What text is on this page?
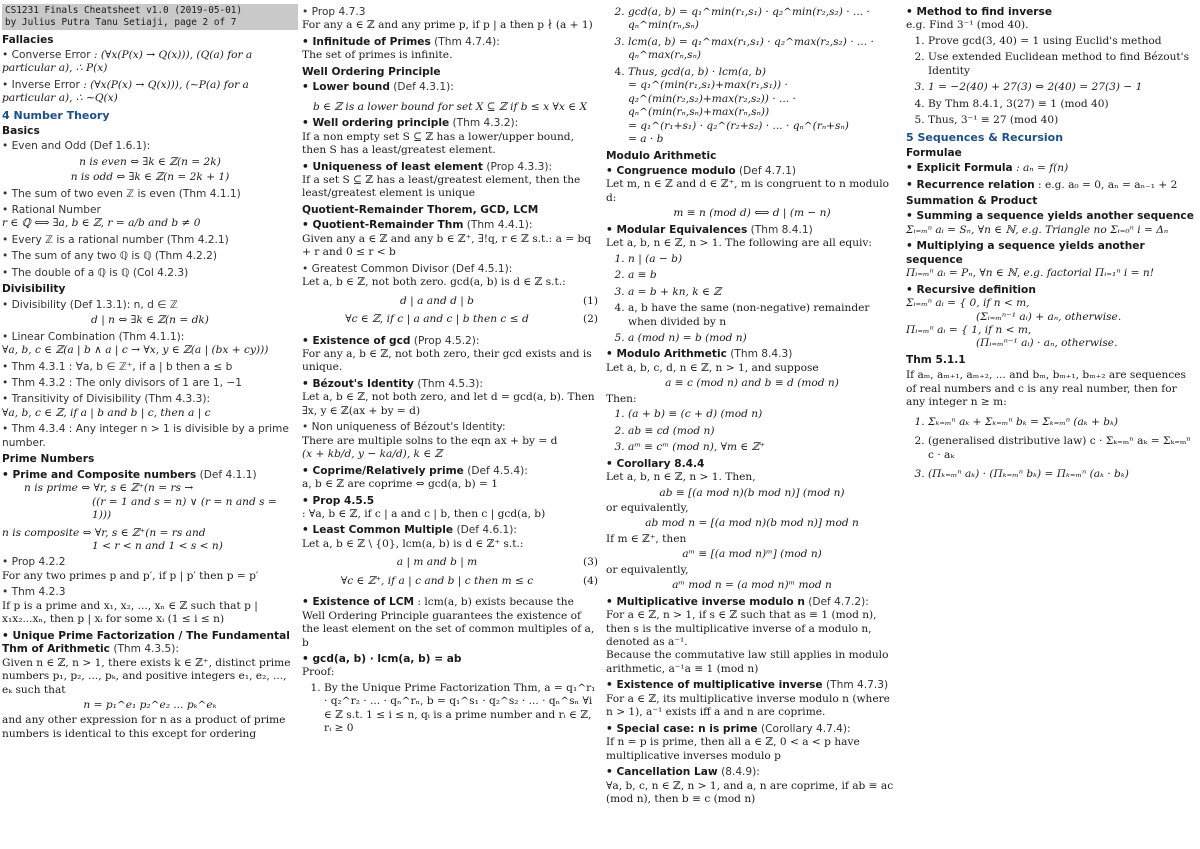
CS1231 Finals Cheatsheet v1.0 (2019-05-01)
by Julius Putra Tanu Setiaji, page 2 of 7
Fallacies
• Converse Error : (∀x(P(x) → Q(x))), (Q(a) for a particular a), ∴ P(x)
• Inverse Error : (∀x(P(x) → Q(x))), (∼P(a) for a particular a), ∴ ∼Q(x)
4 Number Theory
Basics
• Even and Odd (Def 1.6.1):
n is even ⇔ ∃k ∈ ℤ(n = 2k)
n is odd ⇔ ∃k ∈ ℤ(n = 2k + 1)
• The sum of two even ℤ is even (Thm 4.1.1)
• Rational Number
r ∈ ℚ ⟺ ∃a, b ∈ ℤ, r = a/b and b ≠ 0
• Every ℤ is a rational number (Thm 4.2.1)
• The sum of any two ℚ is ℚ (Thm 4.2.2)
• The double of a ℚ is ℚ (Col 4.2.3)
Divisibility
• Divisibility (Def 1.3.1): n, d ∈ ℤ
d | n ⇔ ∃k ∈ ℤ(n = dk)
• Linear Combination (Thm 4.1.1):
∀a, b, c ∈ ℤ(a | b ∧ a | c → ∀x, y ∈ ℤ(a | (bx + cy)))
• Thm 4.3.1 : ∀a, b ∈ ℤ⁺, if a | b then a ≤ b
• Thm 4.3.2 : The only divisors of 1 are 1, −1
• Transitivity of Divisibility (Thm 4.3.3):
∀a, b, c ∈ ℤ, if a | b and b | c, then a | c
• Thm 4.3.4 : Any integer n > 1 is divisible by a prime number.
Prime Numbers
• Prime and Composite numbers (Def 4.1.1)
n is prime ⇔ ∀r, s ∈ ℤ⁺(n = rs →
((r = 1 and s = n) ∨ (r = n and s = 1)))
n is composite ⇔ ∀r, s ∈ ℤ⁺(n = rs and
1 < r < n and 1 < s < n)
• Prop 4.2.2
For any two primes p and p′, if p | p′ then p = p′
• Thm 4.2.3
If p is a prime and x₁, x₂, ..., xₙ ∈ ℤ such that p | x₁x₂...xₙ, then p | xᵢ for some xᵢ (1 ≤ i ≤ n)
• Unique Prime Factorization / The Fundamental Thm of Arithmetic (Thm 4.3.5):
Given n ∈ ℤ, n > 1, there exists k ∈ ℤ⁺, distinct prime numbers p₁, p₂, ..., pₖ, and positive integers e₁, e₂, ..., eₖ such that
n = p₁^e₁ p₂^e₂ ... pₖ^eₖ
and any other expression for n as a product of prime numbers is identical to this except for ordering
• Prop 4.7.3
For any a ∈ ℤ and any prime p, if p | a then p ∤ (a + 1)
• Infinitude of Primes (Thm 4.7.4):
The set of primes is infinite.
Well Ordering Principle
• Lower bound (Def 4.3.1):
b ∈ ℤ is a lower bound for set X ⊆ ℤ if b ≤ x ∀x ∈ X
• Well ordering principle (Thm 4.3.2):
If a non empty set S ⊆ ℤ has a lower/upper bound, then S has a least/greatest element.
• Uniqueness of least element (Prop 4.3.3):
If a set S ⊆ ℤ has a least/greatest element, then the least/greatest element is unique
Quotient-Remainder Thorem, GCD, LCM
• Quotient-Remainder Thm (Thm 4.4.1):
Given any a ∈ ℤ and any b ∈ ℤ⁺, ∃!q, r ∈ ℤ s.t.: a = bq + r and 0 ≤ r < b
• Greatest Common Divisor (Def 4.5.1):
Let a, b ∈ ℤ, not both zero. gcd(a, b) is d ∈ ℤ s.t.:
d | a and d | b	(1)
∀c ∈ ℤ, if c | a and c | b then c ≤ d	(2)
• Existence of gcd (Prop 4.5.2):
For any a, b ∈ ℤ, not both zero, their gcd exists and is unique.
• Bézout's Identity (Thm 4.5.3):
Let a, b ∈ ℤ, not both zero, and let d = gcd(a, b). Then ∃x, y ∈ ℤ(ax + by = d)
• Non uniqueness of Bézout's Identity:
There are multiple solns to the eqn ax + by = d
(x + kb/d, y − ka/d), k ∈ ℤ
• Coprime/Relatively prime (Def 4.5.4):
a, b ∈ ℤ are coprime ⇔ gcd(a, b) = 1
• Prop 4.5.5
: ∀a, b ∈ ℤ, if c | a and c | b, then c | gcd(a, b)
• Least Common Multiple (Def 4.6.1):
Let a, b ∈ ℤ \ {0}, lcm(a, b) is d ∈ ℤ⁺ s.t.:
a | m and b | m	(3)
∀c ∈ ℤ⁺, if a | c and b | c then m ≤ c	(4)
• Existence of LCM : lcm(a, b) exists because the Well Ordering Principle guarantees the existence of the least element on the set of common multiples of a, b
• gcd(a, b) · lcm(a, b) = ab
Proof:
1. By the Unique Prime Factorization Thm, a = q₁^r₁ · q₂^r₂ · ... · qₙ^rₙ, b = q₁^s₁ · q₂^s₂ · ... · qₙ^sₙ ∀i ∈ ℤ s.t. 1 ≤ i ≤ n, qᵢ is a prime number and rᵢ ∈ ℤ, rᵢ ≥ 0
2. gcd(a, b) = q₁^min(r₁,s₁) · q₂^min(r₂,s₂) · ... · qₙ^min(rₙ,sₙ)
3. lcm(a, b) = q₁^max(r₁,s₁) · q₂^max(r₂,s₂) · ... · qₙ^max(rₙ,sₙ)
4. Thus, gcd(a, b) · lcm(a, b)
= q₁^(min(r₁,s₁)+max(r₁,s₁)) · q₂^(min(r₂,s₂)+max(r₂,s₂)) · ... · qₙ^(min(rₙ,sₙ)+max(rₙ,sₙ))
= q₁^(r₁+s₁) · q₂^(r₂+s₂) · ... · qₙ^(rₙ+sₙ)
= a · b
Modulo Arithmetic
• Congruence modulo (Def 4.7.1)
Let m, n ∈ ℤ and d ∈ ℤ⁺, m is congruent to n modulo d:
m ≡ n (mod d) ⟺ d | (m − n)
• Modular Equivalences (Thm 8.4.1)
Let a, b, n ∈ ℤ, n > 1. The following are all equiv:
1. n | (a − b)
2. a ≡ b
3. a = b + kn, k ∈ ℤ
4. a, b have the same (non-negative) remainder when divided by n
5. a (mod n) = b (mod n)
• Modulo Arithmetic (Thm 8.4.3)
Let a, b, c, d, n ∈ ℤ, n > 1, and suppose
a ≡ c (mod n) and b ≡ d (mod n)
Then:
1. (a + b) ≡ (c + d) (mod n)
2. ab ≡ cd (mod n)
3. aᵐ ≡ cᵐ (mod n), ∀m ∈ ℤ⁺
• Corollary 8.4.4
Let a, b, n ∈ ℤ, n > 1. Then,
ab ≡ [(a mod n)(b mod n)] (mod n)
or equivalently,
ab mod n = [(a mod n)(b mod n)] mod n
If m ∈ ℤ⁺, then
aᵐ ≡ [(a mod n)ᵐ] (mod n)
or equivalently,
aᵐ mod n = (a mod n)ᵐ mod n
• Multiplicative inverse modulo n (Def 4.7.2):
For a ∈ ℤ, n > 1, if s ∈ ℤ such that as ≡ 1 (mod n), then s is the multiplicative inverse of a modulo n, denoted as a⁻¹.
Because the commutative law still applies in modulo arithmetic, a⁻¹a ≡ 1 (mod n)
• Existence of multiplicative inverse (Thm 4.7.3)
For a ∈ ℤ, its multiplicative inverse modulo n (where n > 1), a⁻¹ exists iff a and n are coprime.
• Special case: n is prime (Corollary 4.7.4):
If n = p is prime, then all a ∈ ℤ, 0 < a < p have multiplicative inverses modulo p
• Cancellation Law (8.4.9):
∀a, b, c, n ∈ ℤ, n > 1, and a, n are coprime, if ab ≡ ac (mod n), then b ≡ c (mod n)
• Method to find inverse
e.g. Find 3⁻¹ (mod 40).
1. Prove gcd(3, 40) = 1 using Euclid's method
2. Use extended Euclidean method to find Bézout's Identity
3. 1 = −2(40) + 27(3) ⇔ 2(40) = 27(3) − 1
4. By Thm 8.4.1, 3(27) ≡ 1 (mod 40)
5. Thus, 3⁻¹ ≡ 27 (mod 40)
5 Sequences & Recursion
Formulae
• Explicit Formula : aₙ = f(n)
• Recurrence relation : e.g. a₀ = 0, aₙ = aₙ₋₁ + 2
Summation & Product
• Summing a sequence yields another sequence
Σᵢ₌ₘⁿ aᵢ = Sₙ, ∀n ∈ ℕ, e.g. Triangle no Σᵢ₌₀ⁿ i = Δₙ
• Multiplying a sequence yields another sequence
Πᵢ₌ₘⁿ aᵢ = Pₙ, ∀n ∈ ℕ, e.g. factorial Πᵢ₌₁ⁿ i = n!
• Recursive definition
Σᵢ₌ₘⁿ aᵢ = { 0, if n < m,
(Σᵢ₌ₘⁿ⁻¹ aᵢ) + aₙ, otherwise.
Πᵢ₌ₘⁿ aᵢ = { 1, if n < m,
(Πᵢ₌ₘⁿ⁻¹ aᵢ) · aₙ, otherwise.
Thm 5.1.1
If aₘ, aₘ₊₁, aₘ₊₂, ... and bₘ, bₘ₊₁, bₘ₊₂ are sequences of real numbers and c is any real number, then for any integer n ≥ m:
1. Σₖ₌ₘⁿ aₖ + Σₖ₌ₘⁿ bₖ = Σₖ₌ₘⁿ (aₖ + bₖ)
2. (generalised distributive law) c · Σₖ₌ₘⁿ aₖ = Σₖ₌ₘⁿ c · aₖ
3. (Πₖ₌ₘⁿ aₖ) · (Πₖ₌ₘⁿ bₖ) = Πₖ₌ₘⁿ (aₖ · bₖ)
